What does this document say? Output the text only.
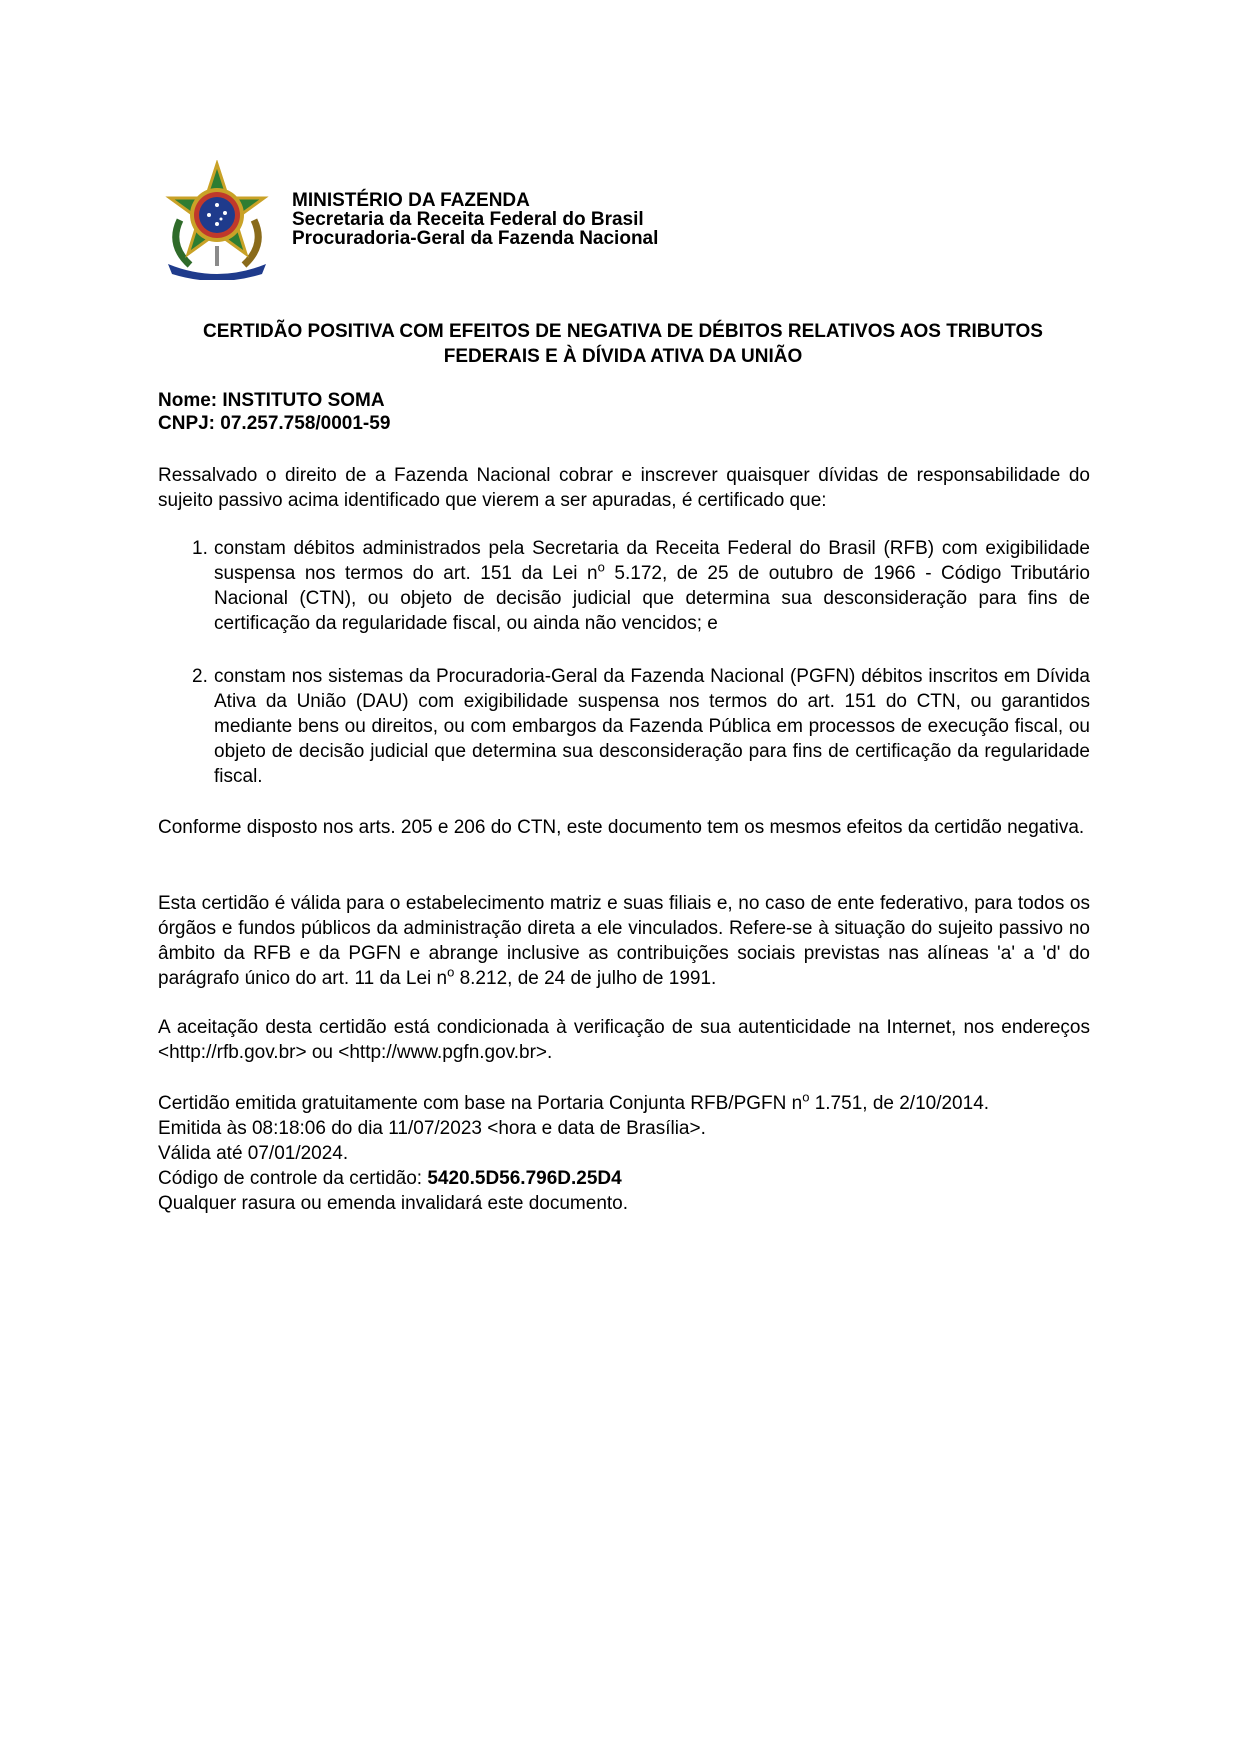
MINISTÉRIO DA FAZENDA
Secretaria da Receita Federal do Brasil
Procuradoria-Geral da Fazenda Nacional
CERTIDÃO POSITIVA COM EFEITOS DE NEGATIVA DE DÉBITOS RELATIVOS AOS TRIBUTOS
FEDERAIS E À DÍVIDA ATIVA DA UNIÃO
Nome: INSTITUTO SOMA
CNPJ: 07.257.758/0001-59
Ressalvado o direito de a Fazenda Nacional cobrar e inscrever quaisquer dívidas de responsabilidade do sujeito passivo acima identificado que vierem a ser apuradas, é certificado que:
1. constam débitos administrados pela Secretaria da Receita Federal do Brasil (RFB) com exigibilidade suspensa nos termos do art. 151 da Lei $n^o$ 5.172, de 25 de outubro de 1966 - Código Tributário Nacional (CTN), ou objeto de decisão judicial que determina sua desconsideração para fins de certificação da regularidade fiscal, ou ainda não vencidos; e
2. constam nos sistemas da Procuradoria-Geral da Fazenda Nacional (PGFN) débitos inscritos em Dívida Ativa da União (DAU) com exigibilidade suspensa nos termos do art. 151 do CTN, ou garantidos mediante bens ou direitos, ou com embargos da Fazenda Pública em processos de execução fiscal, ou objeto de decisão judicial que determina sua desconsideração para fins de certificação da regularidade fiscal.
Conforme disposto nos arts. 205 e 206 do CTN, este documento tem os mesmos efeitos da certidão negativa.
Esta certidão é válida para o estabelecimento matriz e suas filiais e, no caso de ente federativo, para todos os órgãos e fundos públicos da administração direta a ele vinculados. Refere-se à situação do sujeito passivo no âmbito da RFB e da PGFN e abrange inclusive as contribuições sociais previstas nas alíneas 'a' a 'd' do parágrafo único do art. 11 da Lei $n^o$ 8.212, de 24 de julho de 1991.
A aceitação desta certidão está condicionada à verificação de sua autenticidade na Internet, nos endereços <http://rfb.gov.br> ou <http://www.pgfn.gov.br>.
Certidão emitida gratuitamente com base na Portaria Conjunta RFB/PGFN $n^o$ 1.751, de 2/10/2014.
Emitida às 08:18:06 do dia 11/07/2023 <hora e data de Brasília>.
Válida até 07/01/2024.
Código de controle da certidão: 5420.5D56.796D.25D4
Qualquer rasura ou emenda invalidará este documento.
